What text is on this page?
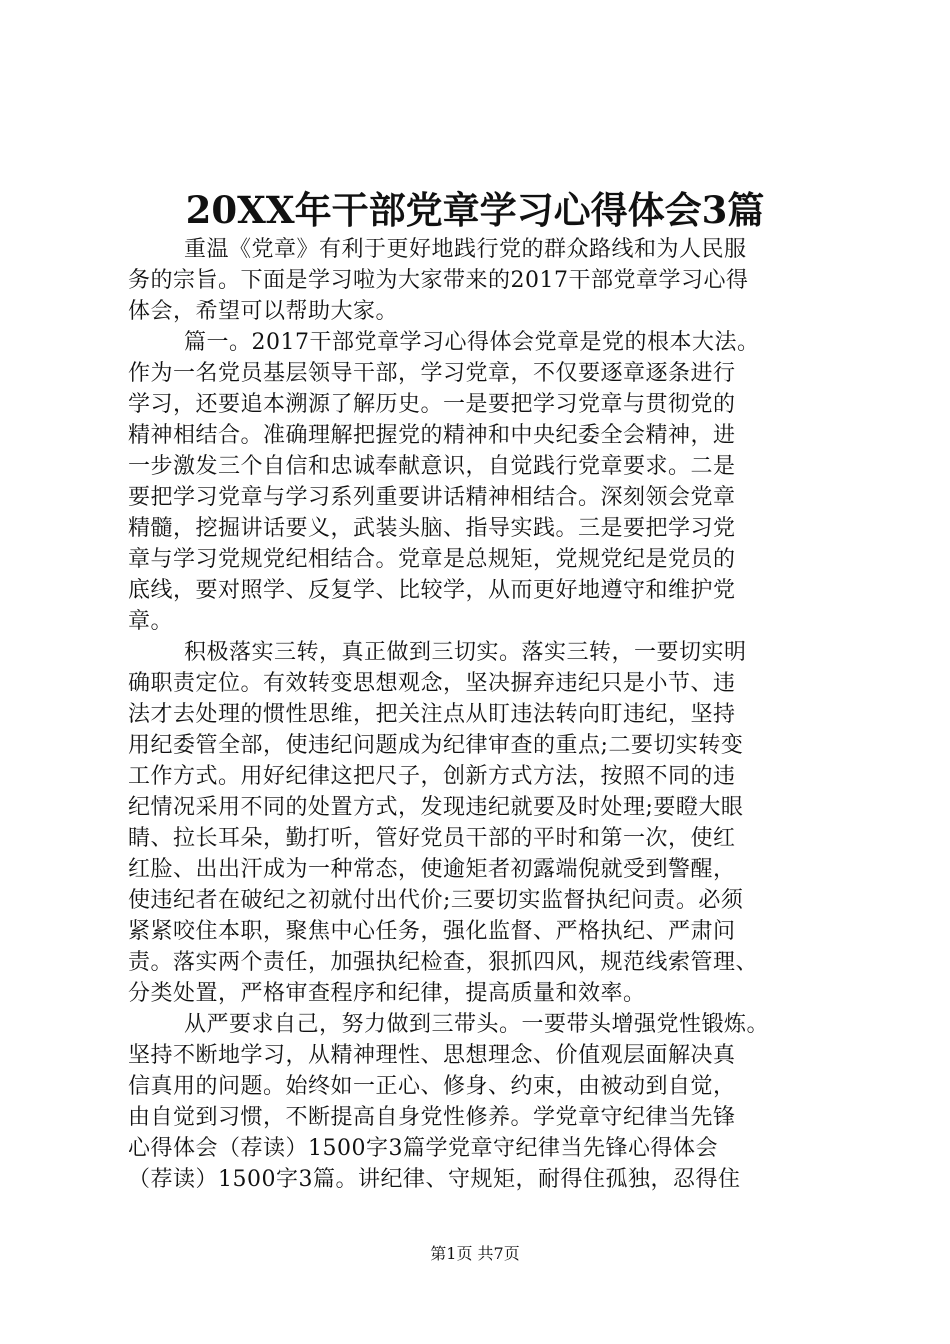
20XX年干部党章学习心得体会3篇
重温《党章》有利于更好地践行党的群众路线和为人民服
务的宗旨。下面是学习啦为大家带来的2017干部党章学习心得
体会，希望可以帮助大家。
篇一。2017干部党章学习心得体会党章是党的根本大法。
作为一名党员基层领导干部，学习党章，不仅要逐章逐条进行
学习，还要追本溯源了解历史。一是要把学习党章与贯彻党的
精神相结合。准确理解把握党的精神和中央纪委全会精神，进
一步激发三个自信和忠诚奉献意识，自觉践行党章要求。二是
要把学习党章与学习系列重要讲话精神相结合。深刻领会党章
精髓，挖掘讲话要义，武装头脑、指导实践。三是要把学习党
章与学习党规党纪相结合。党章是总规矩，党规党纪是党员的
底线，要对照学、反复学、比较学，从而更好地遵守和维护党
章。
积极落实三转，真正做到三切实。落实三转，一要切实明
确职责定位。有效转变思想观念，坚决摒弃违纪只是小节、违
法才去处理的惯性思维，把关注点从盯违法转向盯违纪，坚持
用纪委管全部，使违纪问题成为纪律审查的重点;二要切实转变
工作方式。用好纪律这把尺子，创新方式方法，按照不同的违
纪情况采用不同的处置方式，发现违纪就要及时处理;要瞪大眼
睛、拉长耳朵，勤打听，管好党员干部的平时和第一次，使红
红脸、出出汗成为一种常态，使逾矩者初露端倪就受到警醒，
使违纪者在破纪之初就付出代价;三要切实监督执纪问责。必须
紧紧咬住本职，聚焦中心任务，强化监督、严格执纪、严肃问
责。落实两个责任，加强执纪检查，狠抓四风，规范线索管理、
分类处置，严格审查程序和纪律，提高质量和效率。
从严要求自己，努力做到三带头。一要带头增强党性锻炼。
坚持不断地学习，从精神理性、思想理念、价值观层面解决真
信真用的问题。始终如一正心、修身、约束，由被动到自觉，
由自觉到习惯，不断提高自身党性修养。学党章守纪律当先锋
心得体会（荐读）1500字3篇学党章守纪律当先锋心得体会
（荐读）1500字3篇。讲纪律、守规矩，耐得住孤独，忍得住
第1页 共7页
